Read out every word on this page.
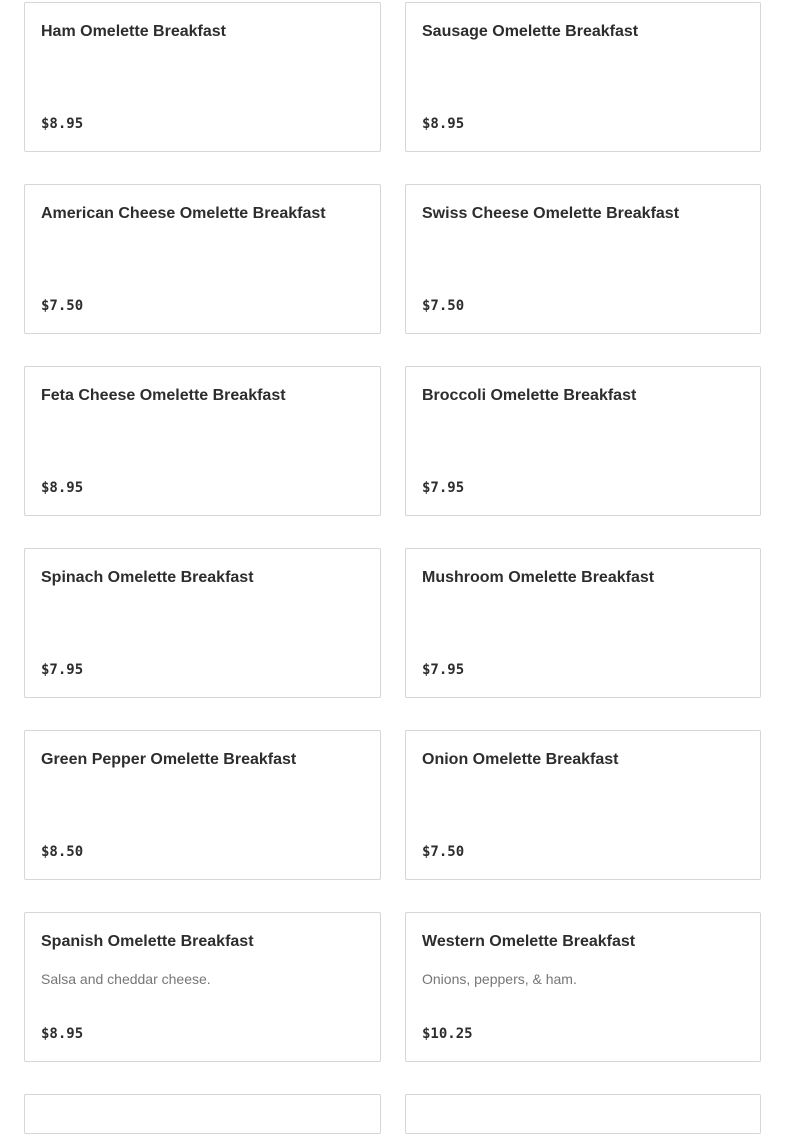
Ham Omelette Breakfast
$8.95
Sausage Omelette Breakfast
$8.95
American Cheese Omelette Breakfast
$7.50
Swiss Cheese Omelette Breakfast
$7.50
Feta Cheese Omelette Breakfast
$8.95
Broccoli Omelette Breakfast
$7.95
Spinach Omelette Breakfast
$7.95
Mushroom Omelette Breakfast
$7.95
Green Pepper Omelette Breakfast
$8.50
Onion Omelette Breakfast
$7.50
Spanish Omelette Breakfast
Salsa and cheddar cheese.
$8.95
Western Omelette Breakfast
Onions, peppers, & ham.
$10.25
